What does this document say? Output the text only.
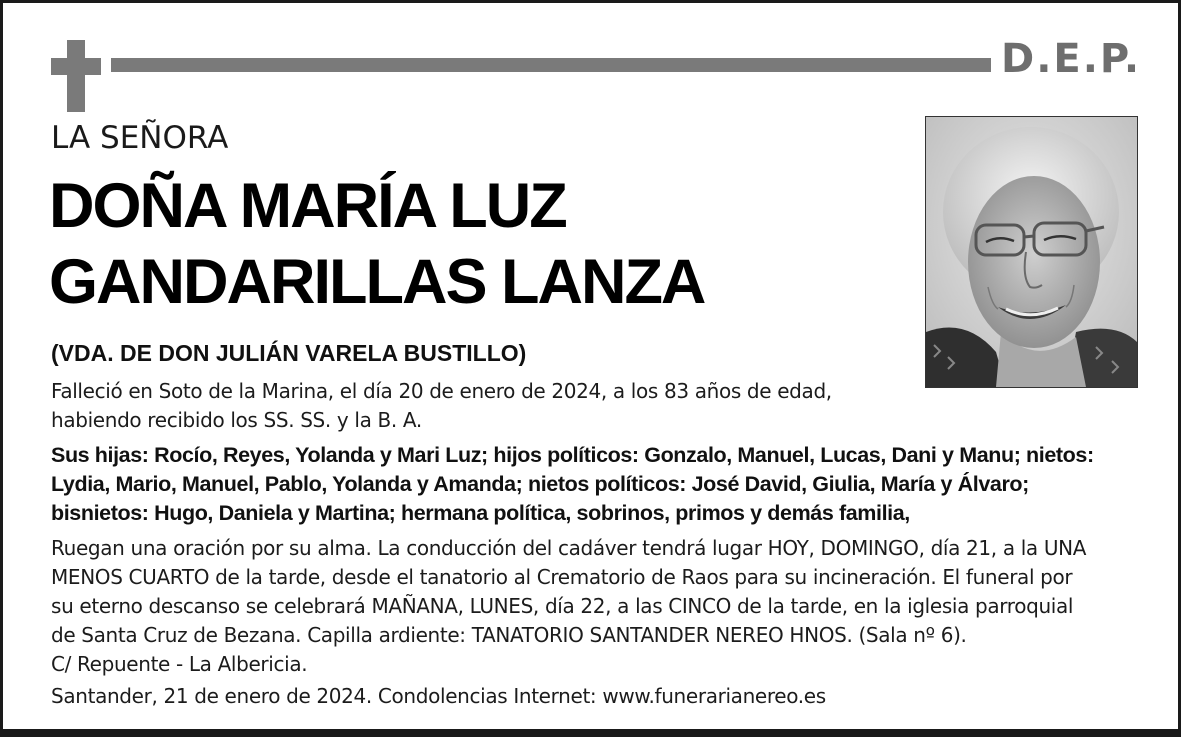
D.E.P.
LA SEÑORA
DOÑA MARÍA LUZ
GANDARILLAS LANZA
(VDA. DE DON JULIÁN VARELA BUSTILLO)
Falleció en Soto de la Marina, el día 20 de enero de 2024, a los 83 años de edad,
habiendo recibido los SS. SS. y la B. A.
Sus hijas: Rocío, Reyes, Yolanda y Mari Luz; hijos políticos: Gonzalo, Manuel, Lucas, Dani y Manu; nietos:
Lydia, Mario, Manuel, Pablo, Yolanda y Amanda; nietos políticos: José David, Giulia, María y Álvaro;
bisnietos: Hugo, Daniela y Martina; hermana política, sobrinos, primos y demás familia,
Ruegan una oración por su alma. La conducción del cadáver tendrá lugar HOY, DOMINGO, día 21, a la UNA
MENOS CUARTO de la tarde, desde el tanatorio al Crematorio de Raos para su incineración. El funeral por
su eterno descanso se celebrará MAÑANA, LUNES, día 22, a las CINCO de la tarde, en la iglesia parroquial
de Santa Cruz de Bezana. Capilla ardiente: TANATORIO SANTANDER NEREO HNOS. (Sala nº 6).
C/ Repuente - La Albericia.
Santander, 21 de enero de 2024. Condolencias Internet: www.funerarianereo.es
